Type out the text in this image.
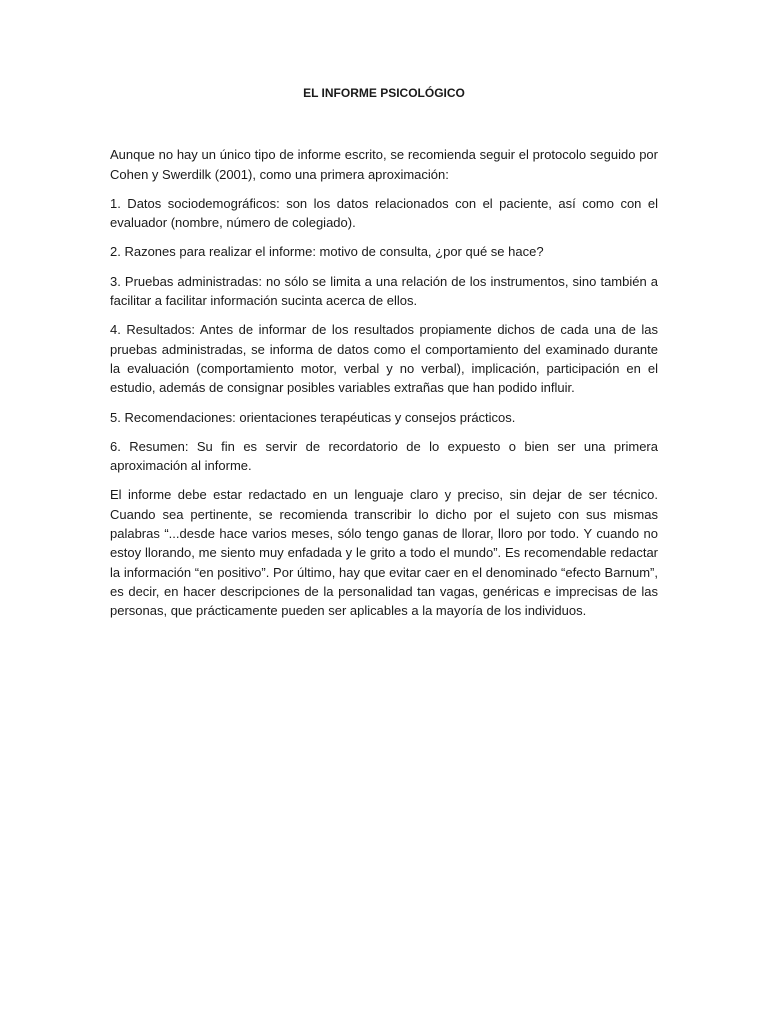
EL INFORME PSICOLÓGICO

Aunque no hay un único tipo de informe escrito, se recomienda seguir el protocolo seguido por Cohen y Swerdilk (2001), como una primera aproximación:

1. Datos sociodemográficos: son los datos relacionados con el paciente, así como con el evaluador (nombre, número de colegiado).

2. Razones para realizar el informe: motivo de consulta, ¿por qué se hace?

3. Pruebas administradas: no sólo se limita a una relación de los instrumentos, sino también a facilitar a facilitar información sucinta acerca de ellos.

4. Resultados: Antes de informar de los resultados propiamente dichos de cada una de las pruebas administradas, se informa de datos como el comportamiento del examinado durante la evaluación (comportamiento motor, verbal y no verbal), implicación, participación en el estudio, además de consignar posibles variables extrañas que han podido influir.

5. Recomendaciones: orientaciones terapéuticas y consejos prácticos.

6. Resumen: Su fin es servir de recordatorio de lo expuesto o bien ser una primera aproximación al informe.

El informe debe estar redactado en un lenguaje claro y preciso, sin dejar de ser técnico. Cuando sea pertinente, se recomienda transcribir lo dicho por el sujeto con sus mismas palabras “...desde hace varios meses, sólo tengo ganas de llorar, lloro por todo. Y cuando no estoy llorando, me siento muy enfadada y le grito a todo el mundo”. Es recomendable redactar la información “en positivo”. Por último, hay que evitar caer en el denominado “efecto Barnum”, es decir, en hacer descripciones de la personalidad tan vagas, genéricas e imprecisas de las personas, que prácticamente pueden ser aplicables a la mayoría de los individuos.
